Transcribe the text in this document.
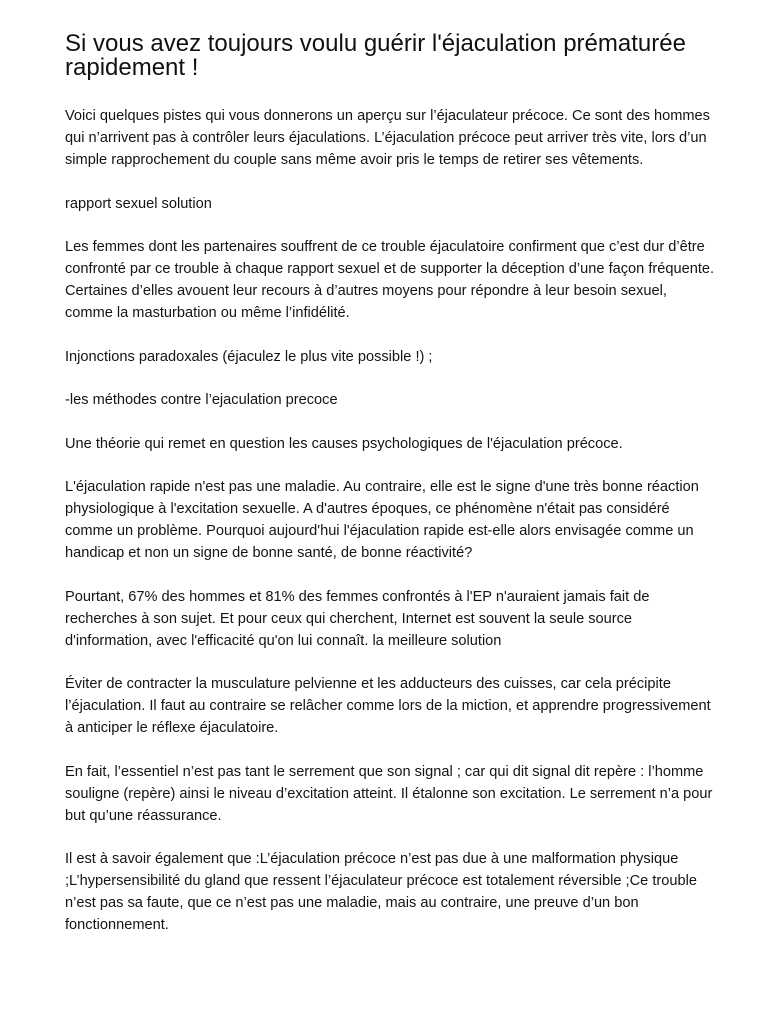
Si vous avez toujours voulu guérir l'éjaculation prématurée rapidement !

Voici quelques pistes qui vous donnerons un aperçu sur l’éjaculateur précoce. Ce sont des hommes qui n’arrivent pas à contrôler leurs éjaculations. L’éjaculation précoce peut arriver très vite, lors d’un simple rapprochement du couple sans même avoir pris le temps de retirer ses vêtements.

rapport sexuel solution

Les femmes dont les partenaires souffrent de ce trouble éjaculatoire confirment que c’est dur d’être confronté par ce trouble à chaque rapport sexuel et de supporter la déception d’une façon fréquente. Certaines d’elles avouent leur recours à d’autres moyens pour répondre à leur besoin sexuel, comme la masturbation ou même l’infidélité.

Injonctions paradoxales (éjaculez le plus vite possible !) ;

-les méthodes contre l’ejaculation precoce

Une théorie qui remet en question les causes psychologiques de l'éjaculation précoce.

L'éjaculation rapide n'est pas une maladie. Au contraire, elle est le signe d'une très bonne réaction physiologique à l'excitation sexuelle. A d'autres époques, ce phénomène n'était pas considéré comme un problème. Pourquoi aujourd'hui l'éjaculation rapide est-elle alors envisagée comme un handicap et non un signe de bonne santé, de bonne réactivité?

Pourtant, 67% des hommes et 81% des femmes confrontés à l'EP n'auraient jamais fait de recherches à son sujet. Et pour ceux qui cherchent, Internet est souvent la seule source d'information, avec l'efficacité qu'on lui connaît. la meilleure solution

Éviter de contracter la musculature pelvienne et les adducteurs des cuisses, car cela précipite l’éjaculation. Il faut au contraire se relâcher comme lors de la miction, et apprendre progressivement à anticiper le réflexe éjaculatoire.

En fait, l’essentiel n’est pas tant le serrement que son signal ; car qui dit signal dit repère : l’homme souligne (repère) ainsi le niveau d’excitation atteint. Il étalonne son excitation. Le serrement n’a pour but qu’une réassurance.

Il est à savoir également que :L’éjaculation précoce n’est pas due à une malformation physique ;L’hypersensibilité du gland que ressent l’éjaculateur précoce est totalement réversible ;Ce trouble n’est pas sa faute, que ce n’est pas une maladie, mais au contraire, une preuve d’un bon fonctionnement.
